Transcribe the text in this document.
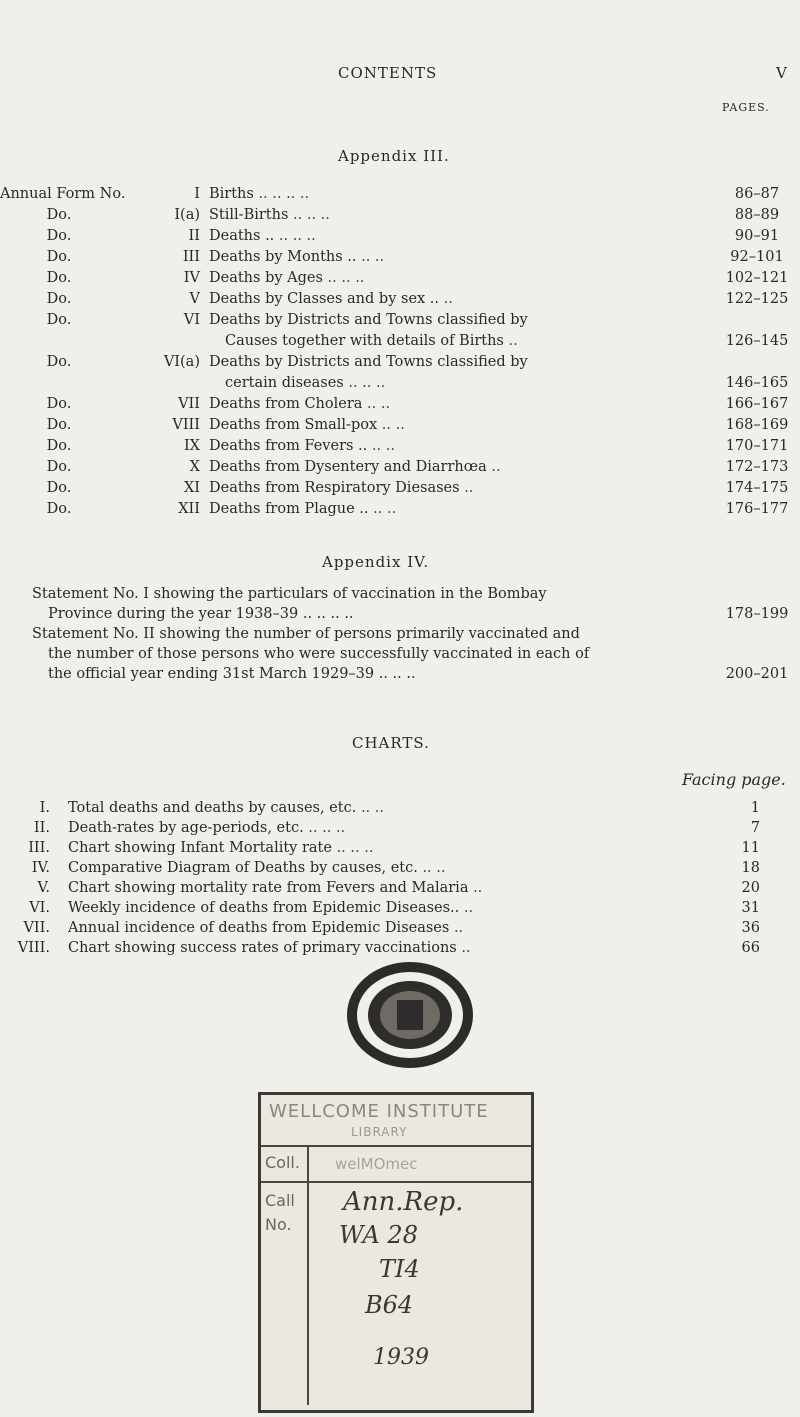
CONTENTS	V
PAGES.
Appendix III.
Annual Form No.	I Births .. .. .. ..	86–87
Do.	I(a) Still-Births .. .. ..	88–89
Do.	II Deaths .. .. .. ..	90–91
Do.	III Deaths by Months .. .. ..	92–101
Do.	IV Deaths by Ages .. .. ..	102–121
Do.	V Deaths by Classes and by sex .. ..	122–125
Do.	VI Deaths by Districts and Towns classified by
Causes together with details of Births ..	126–145
Do.	VI(a) Deaths by Districts and Towns classified by
certain diseases .. .. ..	146–165
Do.	VII Deaths from Cholera .. ..	166–167
Do.	VIII Deaths from Small-pox .. ..	168–169
Do.	IX Deaths from Fevers .. .. ..	170–171
Do.	X Deaths from Dysentery and Diarrhœa ..	172–173
Do.	XI Deaths from Respiratory Diesases ..	174–175
Do.	XII Deaths from Plague .. .. ..	176–177
Appendix IV.
Statement No. I showing the particulars of vaccination in the Bombay
Province during the year 1938–39 .. .. .. ..	178–199
Statement No. II showing the number of persons primarily vaccinated and
the number of those persons who were successfully vaccinated in each of
the official year ending 31st March 1929–39 .. .. ..	200–201
CHARTS.
Facing page.
I. Total deaths and deaths by causes, etc. .. ..	1
II. Death-rates by age-periods, etc. .. .. ..	7
III. Chart showing Infant Mortality rate .. .. ..	11
IV. Comparative Diagram of Deaths by causes, etc. .. ..	18
V. Chart showing mortality rate from Fevers and Malaria ..	20
VI. Weekly incidence of deaths from Epidemic Diseases.. ..	31
VII. Annual incidence of deaths from Epidemic Diseases ..	36
VIII. Chart showing success rates of primary vaccinations ..	66
WELLCOME INSTITUTE
LIBRARY
Coll. welMOmec
Call
No.
Ann.Rep.
WA 28
TI4
B64
1939
